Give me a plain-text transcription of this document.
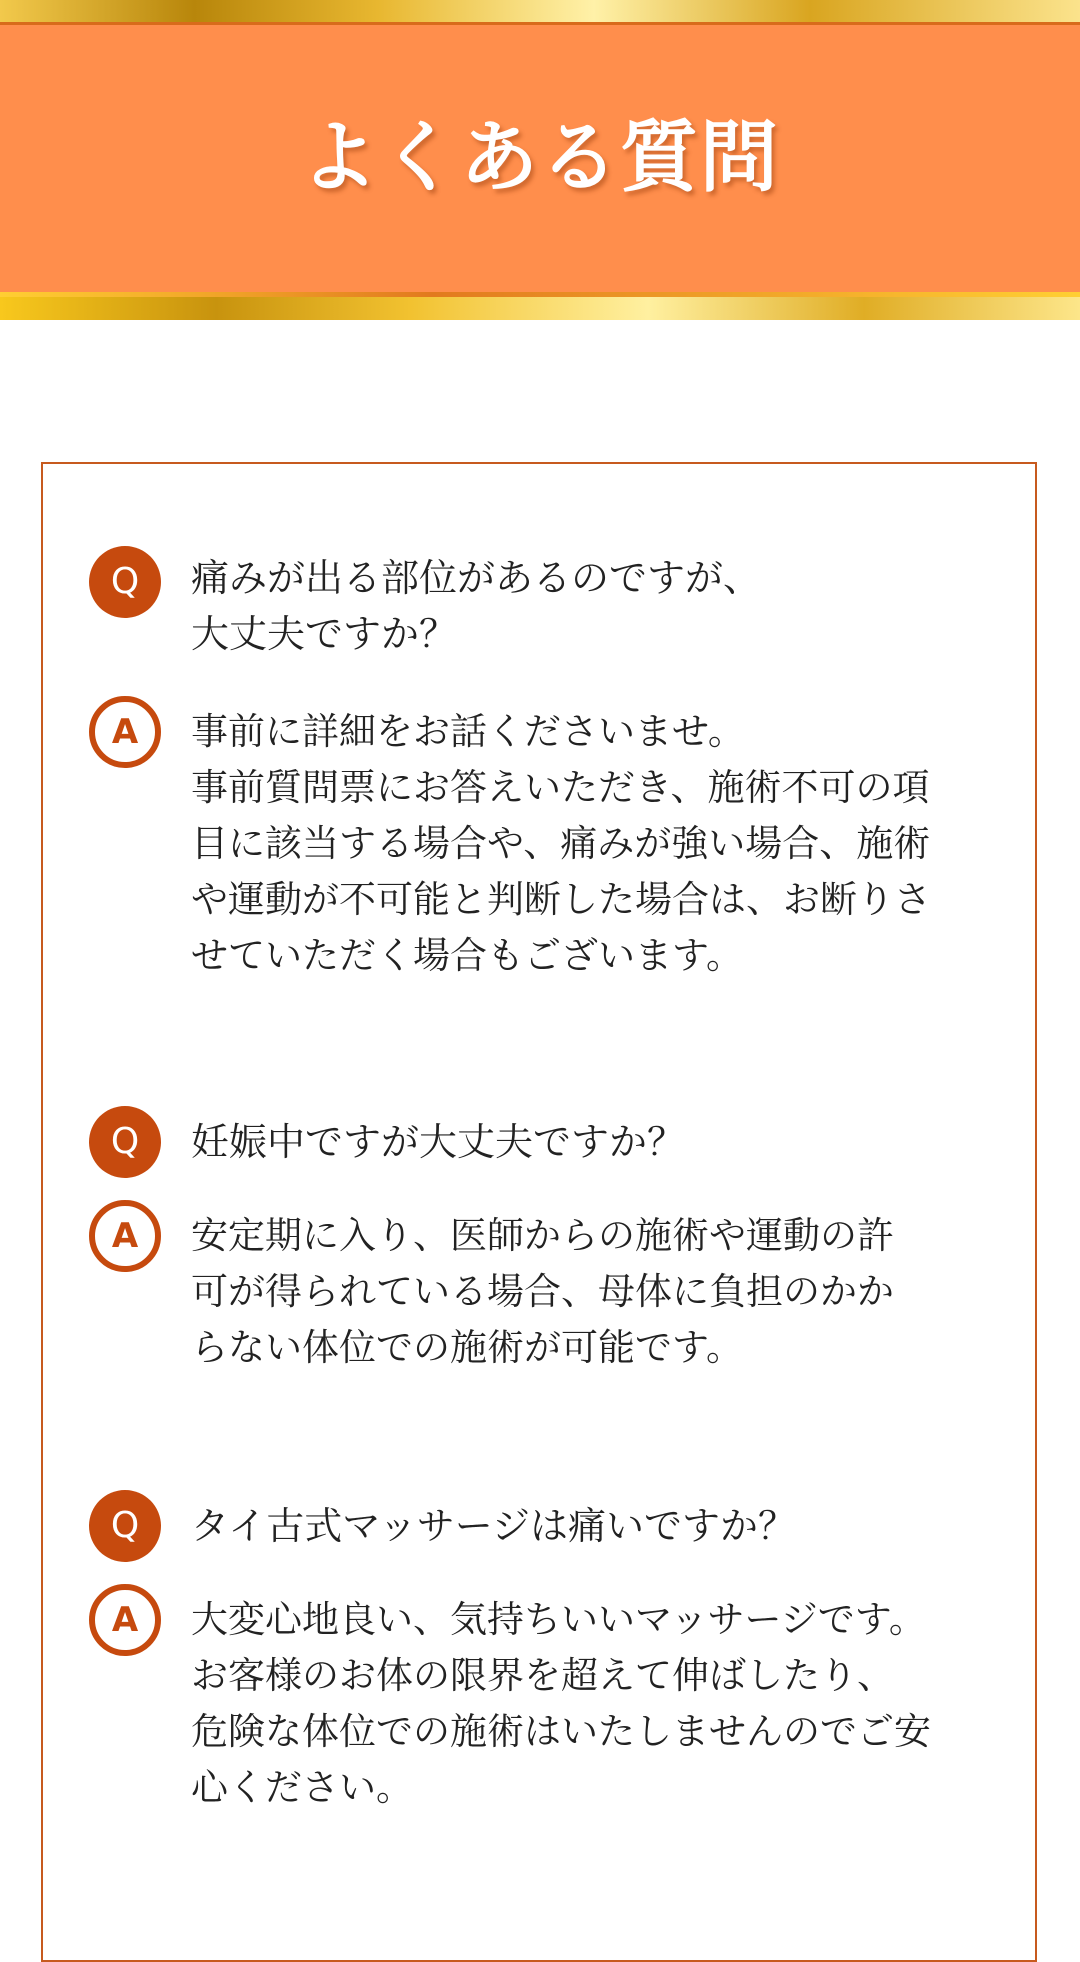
よくある質問
Q	痛みが出る部位があるのですが、
大丈夫ですか？
A	事前に詳細をお話くださいませ。
事前質問票にお答えいただき、施術不可の項
目に該当する場合や、痛みが強い場合、施術
や運動が不可能と判断した場合は、お断りさ
せていただく場合もございます。
Q	妊娠中ですが大丈夫ですか？
A	安定期に入り、医師からの施術や運動の許
可が得られている場合、母体に負担のかか
らない体位での施術が可能です。
Q	タイ古式マッサージは痛いですか？
A	大変心地良い、気持ちいいマッサージです。
お客様のお体の限界を超えて伸ばしたり、
危険な体位での施術はいたしませんのでご安
心ください。
